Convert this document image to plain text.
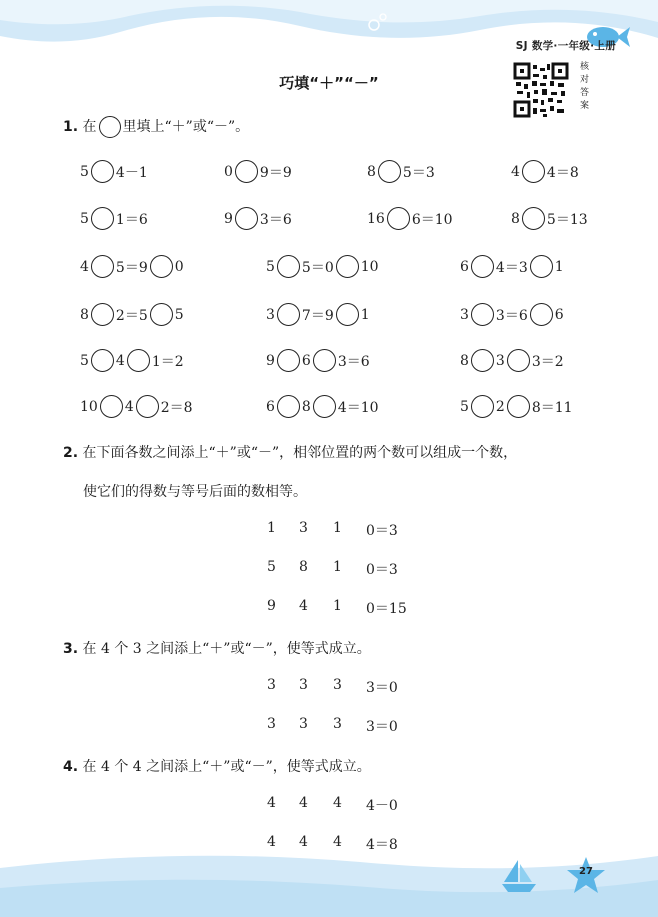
SJ 数学·一年级·上册
巧填“＋”“－”
核对答案
1. 在 里填上“＋”或“－”。
5 4－1	0 9＝9	8 5＝3	4 4＝8
5 1＝6	9 3＝6	16 6＝10	8 5＝13
4 5＝9 0	5 5＝0 10	6 4＝3 1
8 2＝5 5	3 7＝9 1	3 3＝6 6
5 4 1＝2	9 6 3＝6	8 3 3＝2
10 4 2＝8	6 8 4＝10	5 2 8＝11
2. 在下面各数之间添上“＋”或“－”，相邻位置的两个数可以组成一个数，
使它们的得数与等号后面的数相等。
1 3 1 0＝3
5 8 1 0＝3
9 4 1 0＝15
3. 在 4 个 3 之间添上“＋”或“－”，使等式成立。
3 3 3 3＝0
3 3 3 3＝0
4. 在 4 个 4 之间添上“＋”或“－”，使等式成立。
4 4 4 4－0
4 4 4 4＝8
27
